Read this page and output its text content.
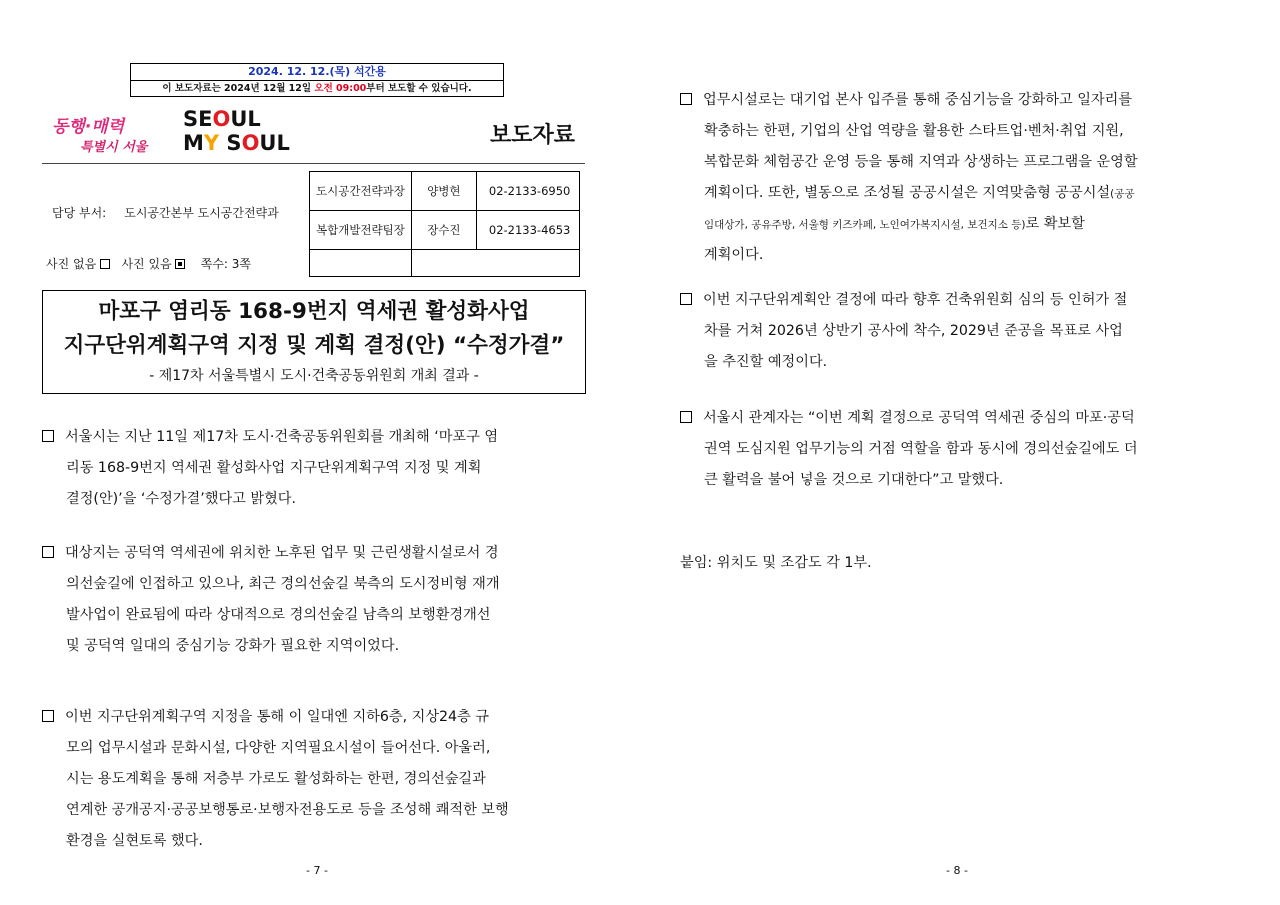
2024. 12. 12.(목) 석간용
이 보도자료는 2024년 12월 12일 오전 09:00부터 보도할 수 있습니다.
동행·매력
특별시 서울
SEOUL
MY SOUL	보도자료
담당 부서: 도시공간본부 도시공간전략과
사진 없음 사진 있음 쪽수: 3쪽
도시공간전략과장	양병현	02-2133-6950
복합개발전략팀장	장수진	02-2133-4653

마포구 염리동 168-9번지 역세권 활성화사업
지구단위계획구역 지정 및 계획 결정(안) “수정가결”
- 제17차 서울특별시 도시·건축공동위원회 개최 결과 -
서울시는 지난 11일 제17차 도시·건축공동위원회를 개최해 ‘마포구 염
리동 168-9번지 역세권 활성화사업 지구단위계획구역 지정 및 계획
결정(안)’을 ‘수정가결’했다고 밝혔다.
대상지는 공덕역 역세권에 위치한 노후된 업무 및 근린생활시설로서 경
의선숲길에 인접하고 있으나, 최근 경의선숲길 북측의 도시정비형 재개
발사업이 완료됨에 따라 상대적으로 경의선숲길 남측의 보행환경개선
및 공덕역 일대의 중심기능 강화가 필요한 지역이었다.
이번 지구단위계획구역 지정을 통해 이 일대엔 지하6층, 지상24층 규
모의 업무시설과 문화시설, 다양한 지역필요시설이 들어선다. 아울러,
시는 용도계획을 통해 저층부 가로도 활성화하는 한편, 경의선숲길과
연계한 공개공지·공공보행통로·보행자전용도로 등을 조성해 쾌적한 보행
환경을 실현토록 했다.
- 7 -
업무시설로는 대기업 본사 입주를 통해 중심기능을 강화하고 일자리를
확충하는 한편, 기업의 산업 역량을 활용한 스타트업·벤처·취업 지원,
복합문화 체험공간 운영 등을 통해 지역과 상생하는 프로그램을 운영할
계획이다. 또한, 별동으로 조성될 공공시설은 지역맞춤형 공공시설(공공
임대상가, 공유주방, 서울형 키즈카페, 노인여가복지시설, 보건지소 등)로 확보할
계획이다.
이번 지구단위계획안 결정에 따라 향후 건축위원회 심의 등 인허가 절
차를 거쳐 2026년 상반기 공사에 착수, 2029년 준공을 목표로 사업
을 추진할 예정이다.
서울시 관계자는 “이번 계획 결정으로 공덕역 역세권 중심의 마포·공덕
권역 도심지원 업무기능의 거점 역할을 함과 동시에 경의선숲길에도 더
큰 활력을 불어 넣을 것으로 기대한다”고 말했다.
붙임: 위치도 및 조감도 각 1부.
- 8 -
